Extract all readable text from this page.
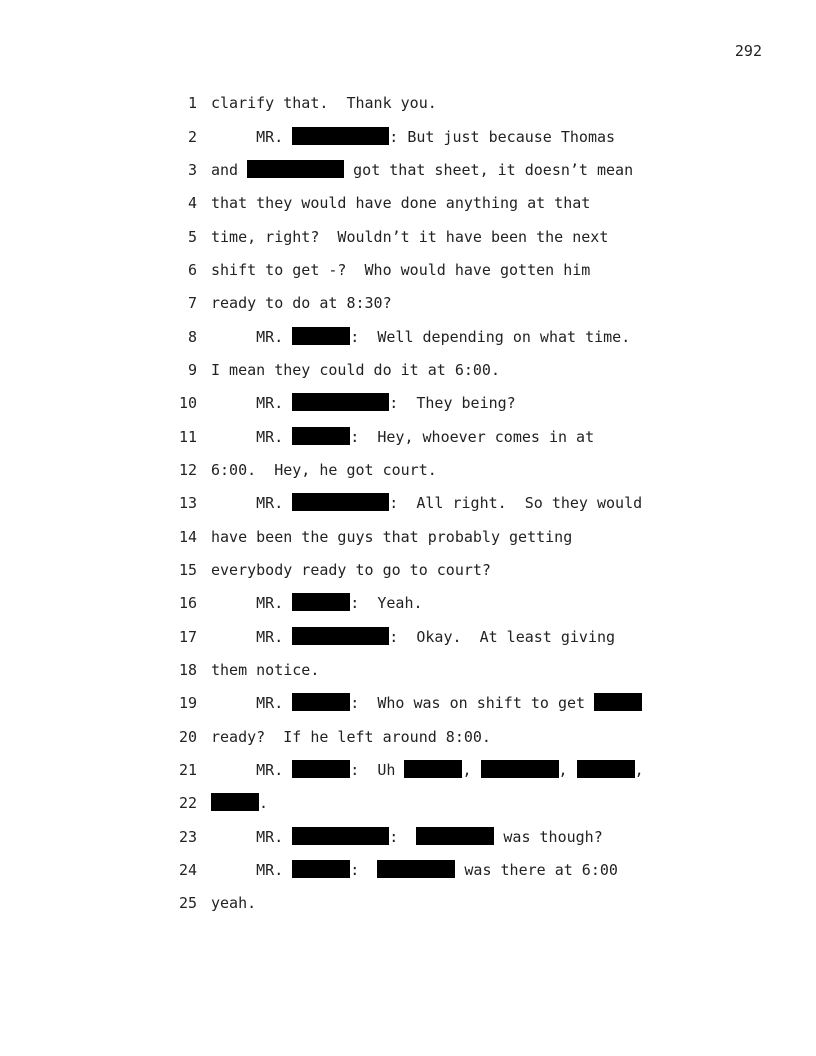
292
1 clarify that.  Thank you.
2 MR.	: But just because Thomas
3 and	got that sheet, it doesn’t mean
4 that they would have done anything at that
5 time, right?  Wouldn’t it have been the next
6 shift to get -?  Who would have gotten him
7 ready to do at 8:30?
8 MR.	:  Well depending on what time.
9 I mean they could do it at 6:00.
10 MR.	:  They being?
11 MR.	:  Hey, whoever comes in at
12 6:00.  Hey, he got court.
13 MR.	:  All right.  So they would
14 have been the guys that probably getting
15 everybody ready to go to court?
16 MR.	:  Yeah.
17 MR.	:  Okay.  At least giving
18 them notice.
19 MR.	:  Who was on shift to get
20 ready?  If he left around 8:00.
21 MR.	:  Uh	,	,	,
22	.
23 MR.	:	was though?
24 MR.	:	was there at 6:00
25 yeah.
